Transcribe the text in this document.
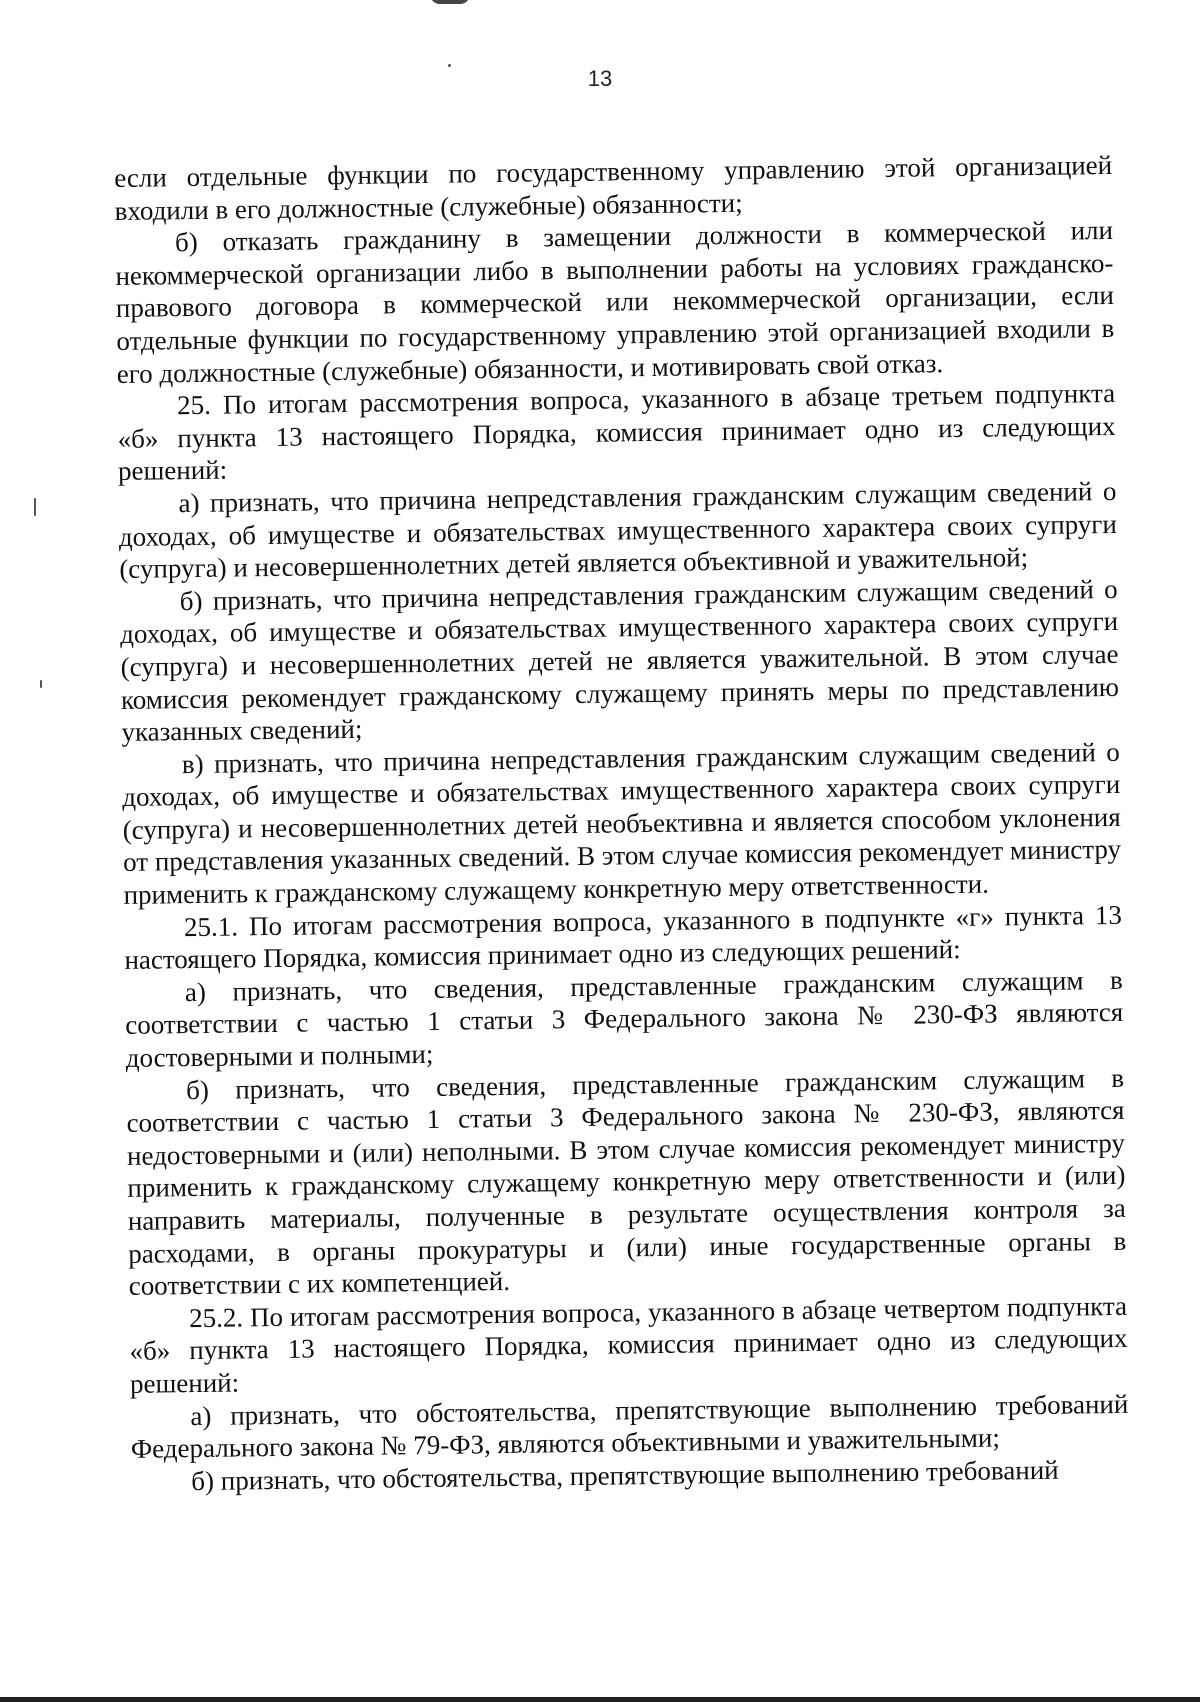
13

если отдельные функции по государственному управлению этой организацией входили в его должностные (служебные) обязанности;

б) отказать гражданину в замещении должности в коммерческой или некоммерческой организации либо в выполнении работы на условиях гражданско-правового договора в коммерческой или некоммерческой организации, если отдельные функции по государственному управлению этой организацией входили в его должностные (служебные) обязанности, и мотивировать свой отказ.

25. По итогам рассмотрения вопроса, указанного в абзаце третьем подпункта «б» пункта 13 настоящего Порядка, комиссия принимает одно из следующих решений:

а) признать, что причина непредставления гражданским служащим сведений о доходах, об имуществе и обязательствах имущественного характера своих супруги (супруга) и несовершеннолетних детей является объективной и уважительной;

б) признать, что причина непредставления гражданским служащим сведений о доходах, об имуществе и обязательствах имущественного характера своих супруги (супруга) и несовершеннолетних детей не является уважительной. В этом случае комиссия рекомендует гражданскому служащему принять меры по представлению указанных сведений;

в) признать, что причина непредставления гражданским служащим сведений о доходах, об имуществе и обязательствах имущественного характера своих супруги (супруга) и несовершеннолетних детей необъективна и является способом уклонения от представления указанных сведений. В этом случае комиссия рекомендует министру применить к гражданскому служащему конкретную меру ответственности.

25.1. По итогам рассмотрения вопроса, указанного в подпункте «г» пункта 13 настоящего Порядка, комиссия принимает одно из следующих решений:

а) признать, что сведения, представленные гражданским служащим в соответствии с частью 1 статьи 3 Федерального закона № 230-ФЗ являются достоверными и полными;

б) признать, что сведения, представленные гражданским служащим в соответствии с частью 1 статьи 3 Федерального закона № 230-ФЗ, являются недостоверными и (или) неполными. В этом случае комиссия рекомендует министру применить к гражданскому служащему конкретную меру ответственности и (или) направить материалы, полученные в результате осуществления контроля за расходами, в органы прокуратуры и (или) иные государственные органы в соответствии с их компетенцией.

25.2. По итогам рассмотрения вопроса, указанного в абзаце четвертом подпункта «б» пункта 13 настоящего Порядка, комиссия принимает одно из следующих решений:

а) признать, что обстоятельства, препятствующие выполнению требований Федерального закона № 79-ФЗ, являются объективными и уважительными;

б) признать, что обстоятельства, препятствующие выполнению требований
